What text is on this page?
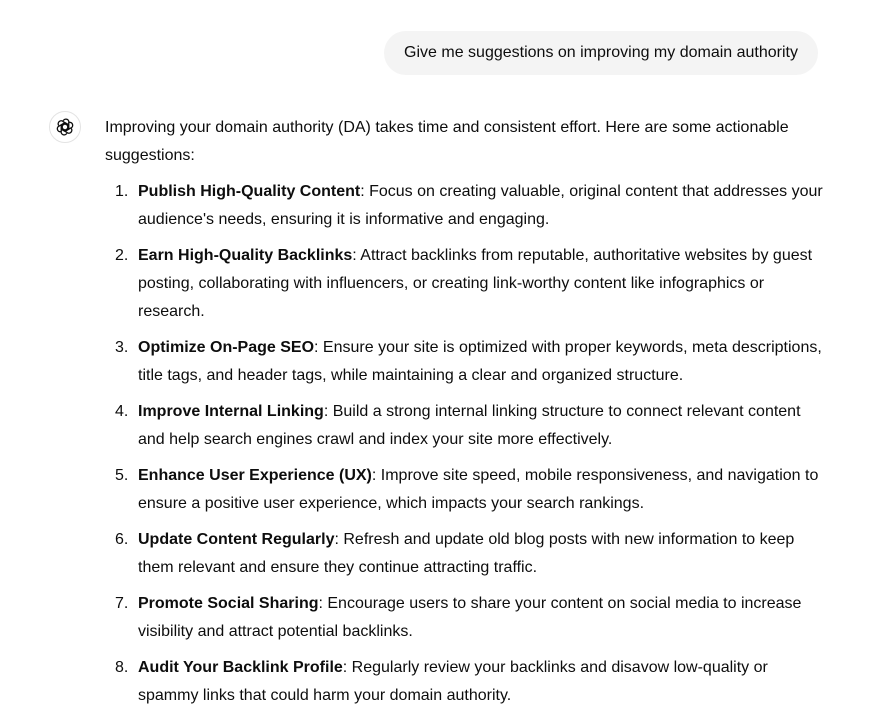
Give me suggestions on improving my domain authority

Improving your domain authority (DA) takes time and consistent effort. Here are some actionable suggestions:

1. Publish High-Quality Content: Focus on creating valuable, original content that addresses your audience's needs, ensuring it is informative and engaging.
2. Earn High-Quality Backlinks: Attract backlinks from reputable, authoritative websites by guest posting, collaborating with influencers, or creating link-worthy content like infographics or research.
3. Optimize On-Page SEO: Ensure your site is optimized with proper keywords, meta descriptions, title tags, and header tags, while maintaining a clear and organized structure.
4. Improve Internal Linking: Build a strong internal linking structure to connect relevant content and help search engines crawl and index your site more effectively.
5. Enhance User Experience (UX): Improve site speed, mobile responsiveness, and navigation to ensure a positive user experience, which impacts your search rankings.
6. Update Content Regularly: Refresh and update old blog posts with new information to keep them relevant and ensure they continue attracting traffic.
7. Promote Social Sharing: Encourage users to share your content on social media to increase visibility and attract potential backlinks.
8. Audit Your Backlink Profile: Regularly review your backlinks and disavow low-quality or spammy links that could harm your domain authority.
